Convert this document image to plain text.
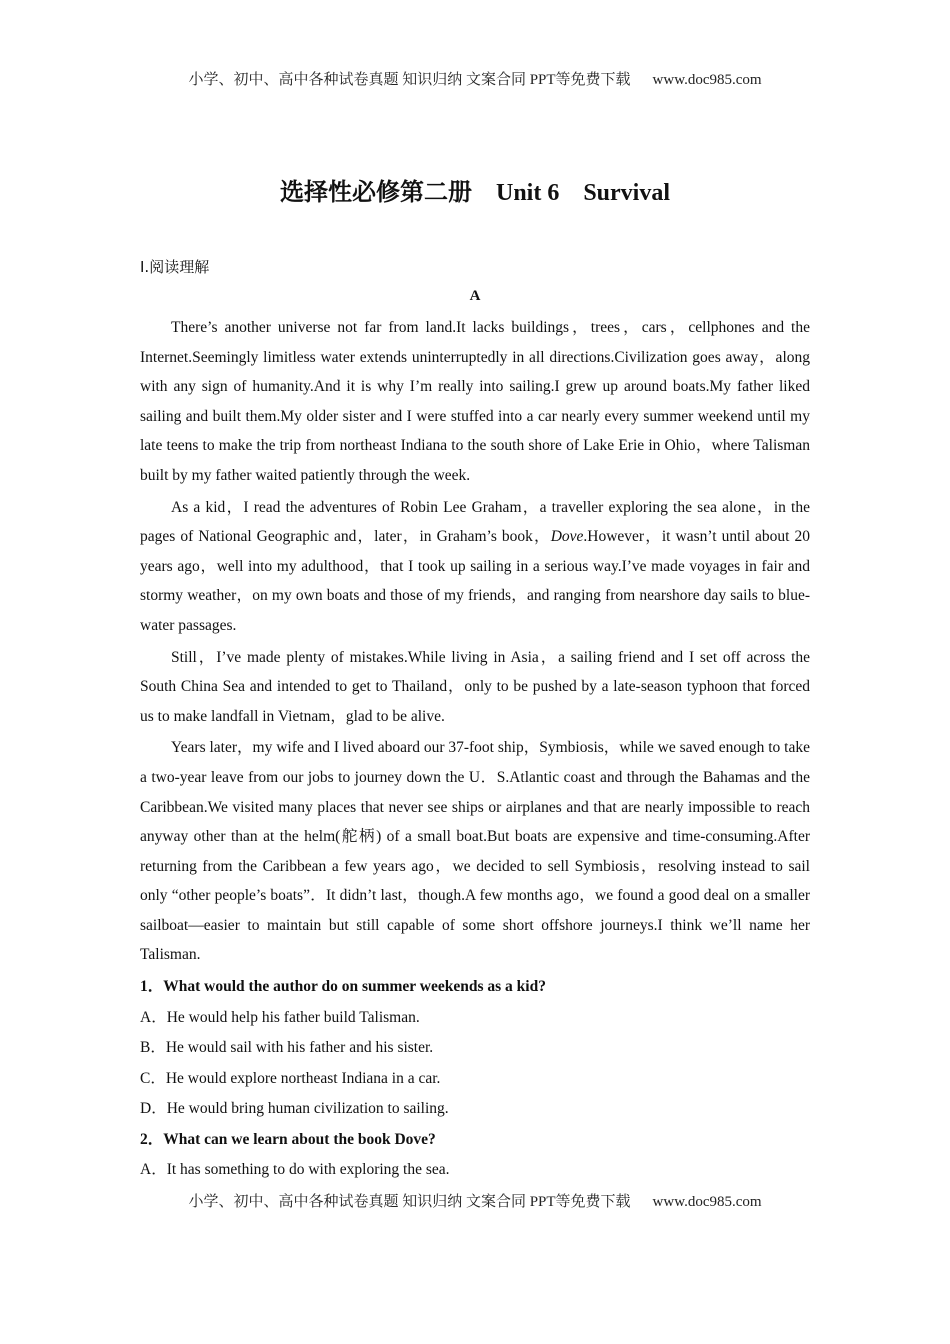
小学、初中、高中各种试卷真题 知识归纳 文案合同 PPT等免费下载 www.doc985.com
选择性必修第二册    Unit 6    Survival
Ⅰ.阅读理解
A

There’s another universe not far from land.It lacks buildings，trees，cars，cellphones and the Internet.Seemingly limitless water extends uninterruptedly in all directions.Civilization goes away，along with any sign of humanity.And it is why I’m really into sailing.I grew up around boats.My father liked sailing and built them.My older sister and I were stuffed into a car nearly every summer weekend until my late teens to make the trip from northeast Indiana to the south shore of Lake Erie in Ohio，where Talisman built by my father waited patiently through the week.

As a kid，I read the adventures of Robin Lee Graham，a traveller exploring the sea alone，in the pages of National Geographic and，later，in Graham’s book，Dove.However，it wasn’t until about 20 years ago，well into my adulthood，that I took up sailing in a serious way.I’ve made voyages in fair and stormy weather，on my own boats and those of my friends，and ranging from nearshore day sails to blue-water passages.

Still，I’ve made plenty of mistakes.While living in Asia，a sailing friend and I set off across the South China Sea and intended to get to Thailand，only to be pushed by a late-season typhoon that forced us to make landfall in Vietnam，glad to be alive.

Years later，my wife and I lived aboard our 37-foot ship，Symbiosis，while we saved enough to take a two-year leave from our jobs to journey down the U．S.Atlantic coast and through the Bahamas and the Caribbean.We visited many places that never see ships or airplanes and that are nearly impossible to reach anyway other than at the helm(舵柄) of a small boat.But boats are expensive and time-consuming.After returning from the Caribbean a few years ago，we decided to sell Symbiosis，resolving instead to sail only “other people’s boats”．It didn’t last，though.A few months ago，we found a good deal on a smaller sailboat—easier to maintain but still capable of some short offshore journeys.I think we’ll name her Talisman.

1．What would the author do on summer weekends as a kid?
A．He would help his father build Talisman.
B．He would sail with his father and his sister.
C．He would explore northeast Indiana in a car.
D．He would bring human civilization to sailing.
2．What can we learn about the book Dove?
A．It has something to do with exploring the sea.
小学、初中、高中各种试卷真题 知识归纳 文案合同 PPT等免费下载 www.doc985.com
